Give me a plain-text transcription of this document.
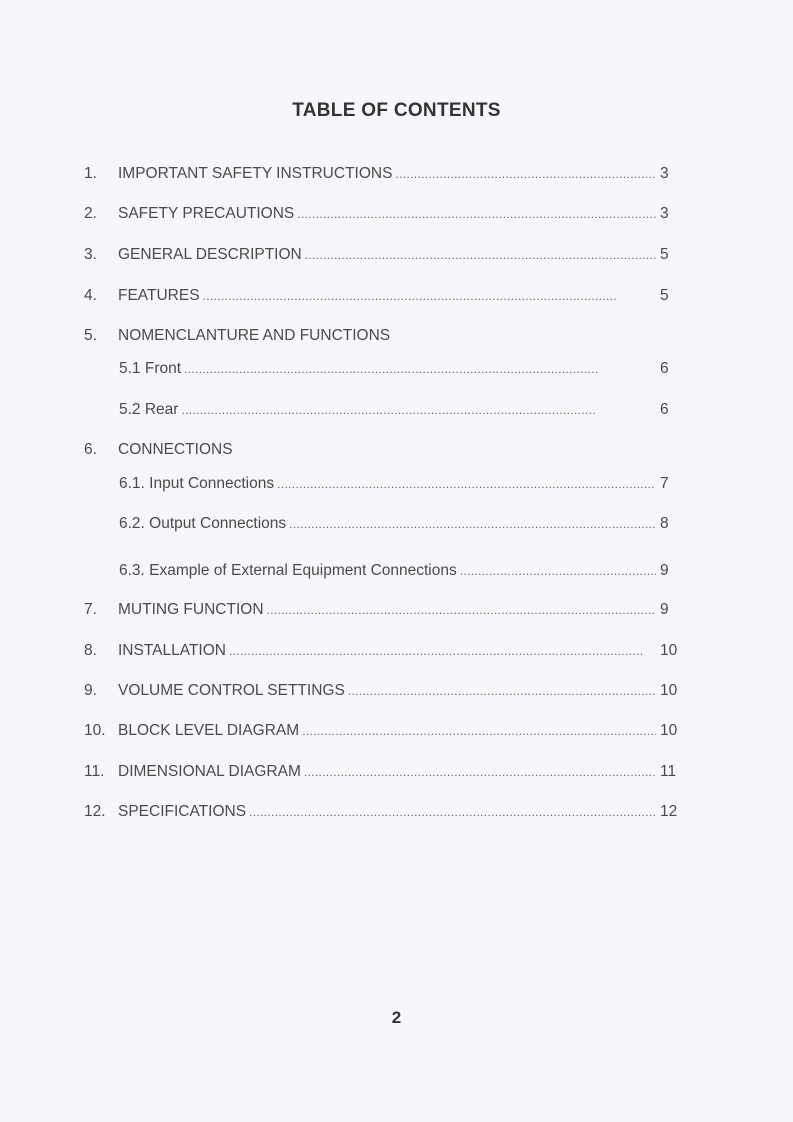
TABLE OF CONTENTS
1.	IMPORTANT SAFETY INSTRUCTIONS . . .	3
2.	SAFETY PRECAUTIONS . . .	3
3.	GENERAL DESCRIPTION . . .	5
4.	FEATURES . . .	5
5.	NOMENCLANTURE AND FUNCTIONS
5.1 Front . . .	6
5.2 Rear . . .	6
6.	CONNECTIONS
6.1. Input Connections . . .	7
6.2. Output Connections . . .	8
6.3. Example of External Equipment Connections . . .	9
7.	MUTING FUNCTION . . .	9
8.	INSTALLATION . . .	10
9.	VOLUME CONTROL SETTINGS . . .	10
10. BLOCK LEVEL DIAGRAM . . .	10
11. DIMENSIONAL DIAGRAM . . .	11
12. SPECIFICATIONS . . .	12
2
